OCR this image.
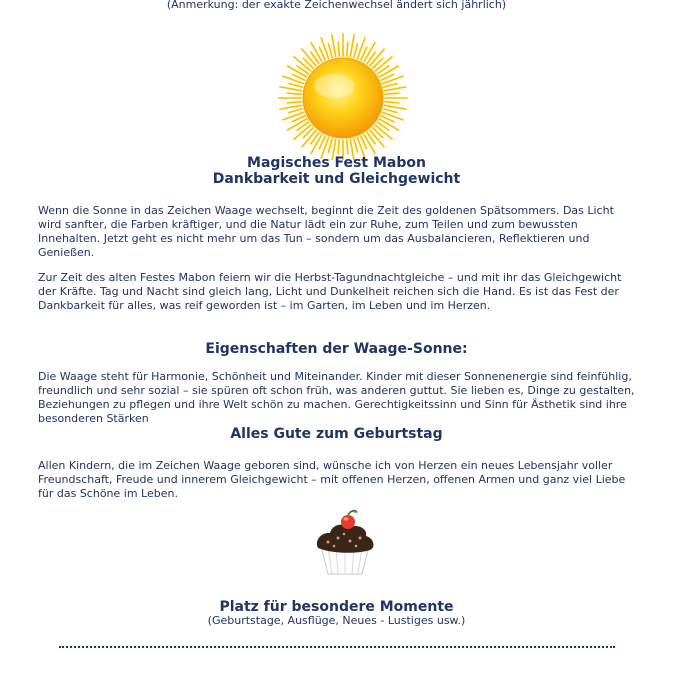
(Anmerkung: der exakte Zeichenwechsel ändert sich jährlich)
Magisches Fest Mabon
Dankbarkeit und Gleichgewicht

Wenn die Sonne in das Zeichen Waage wechselt, beginnt die Zeit des goldenen Spätsommers. Das Licht wird sanfter, die Farben kräftiger, und die Natur lädt ein zur Ruhe, zum Teilen und zum bewussten Innehalten. Jetzt geht es nicht mehr um das Tun – sondern um das Ausbalancieren, Reflektieren und Genießen.

Zur Zeit des alten Festes Mabon feiern wir die Herbst-Tagundnachtgleiche – und mit ihr das Gleichgewicht der Kräfte. Tag und Nacht sind gleich lang, Licht und Dunkelheit reichen sich die Hand. Es ist das Fest der Dankbarkeit für alles, was reif geworden ist – im Garten, im Leben und im Herzen.

Eigenschaften der Waage-Sonne:

Die Waage steht für Harmonie, Schönheit und Miteinander. Kinder mit dieser Sonnenenergie sind feinfühlig, freundlich und sehr sozial – sie spüren oft schon früh, was anderen guttut. Sie lieben es, Dinge zu gestalten, Beziehungen zu pflegen und ihre Welt schön zu machen. Gerechtigkeitssinn und Sinn für Ästhetik sind ihre besonderen Stärken

Alles Gute zum Geburtstag

Allen Kindern, die im Zeichen Waage geboren sind, wünsche ich von Herzen ein neues Lebensjahr voller Freundschaft, Freude und innerem Gleichgewicht – mit offenen Herzen, offenen Armen und ganz viel Liebe für das Schöne im Leben.

Platz für besondere Momente
(Geburtstage, Ausflüge, Neues - Lustiges usw.)
